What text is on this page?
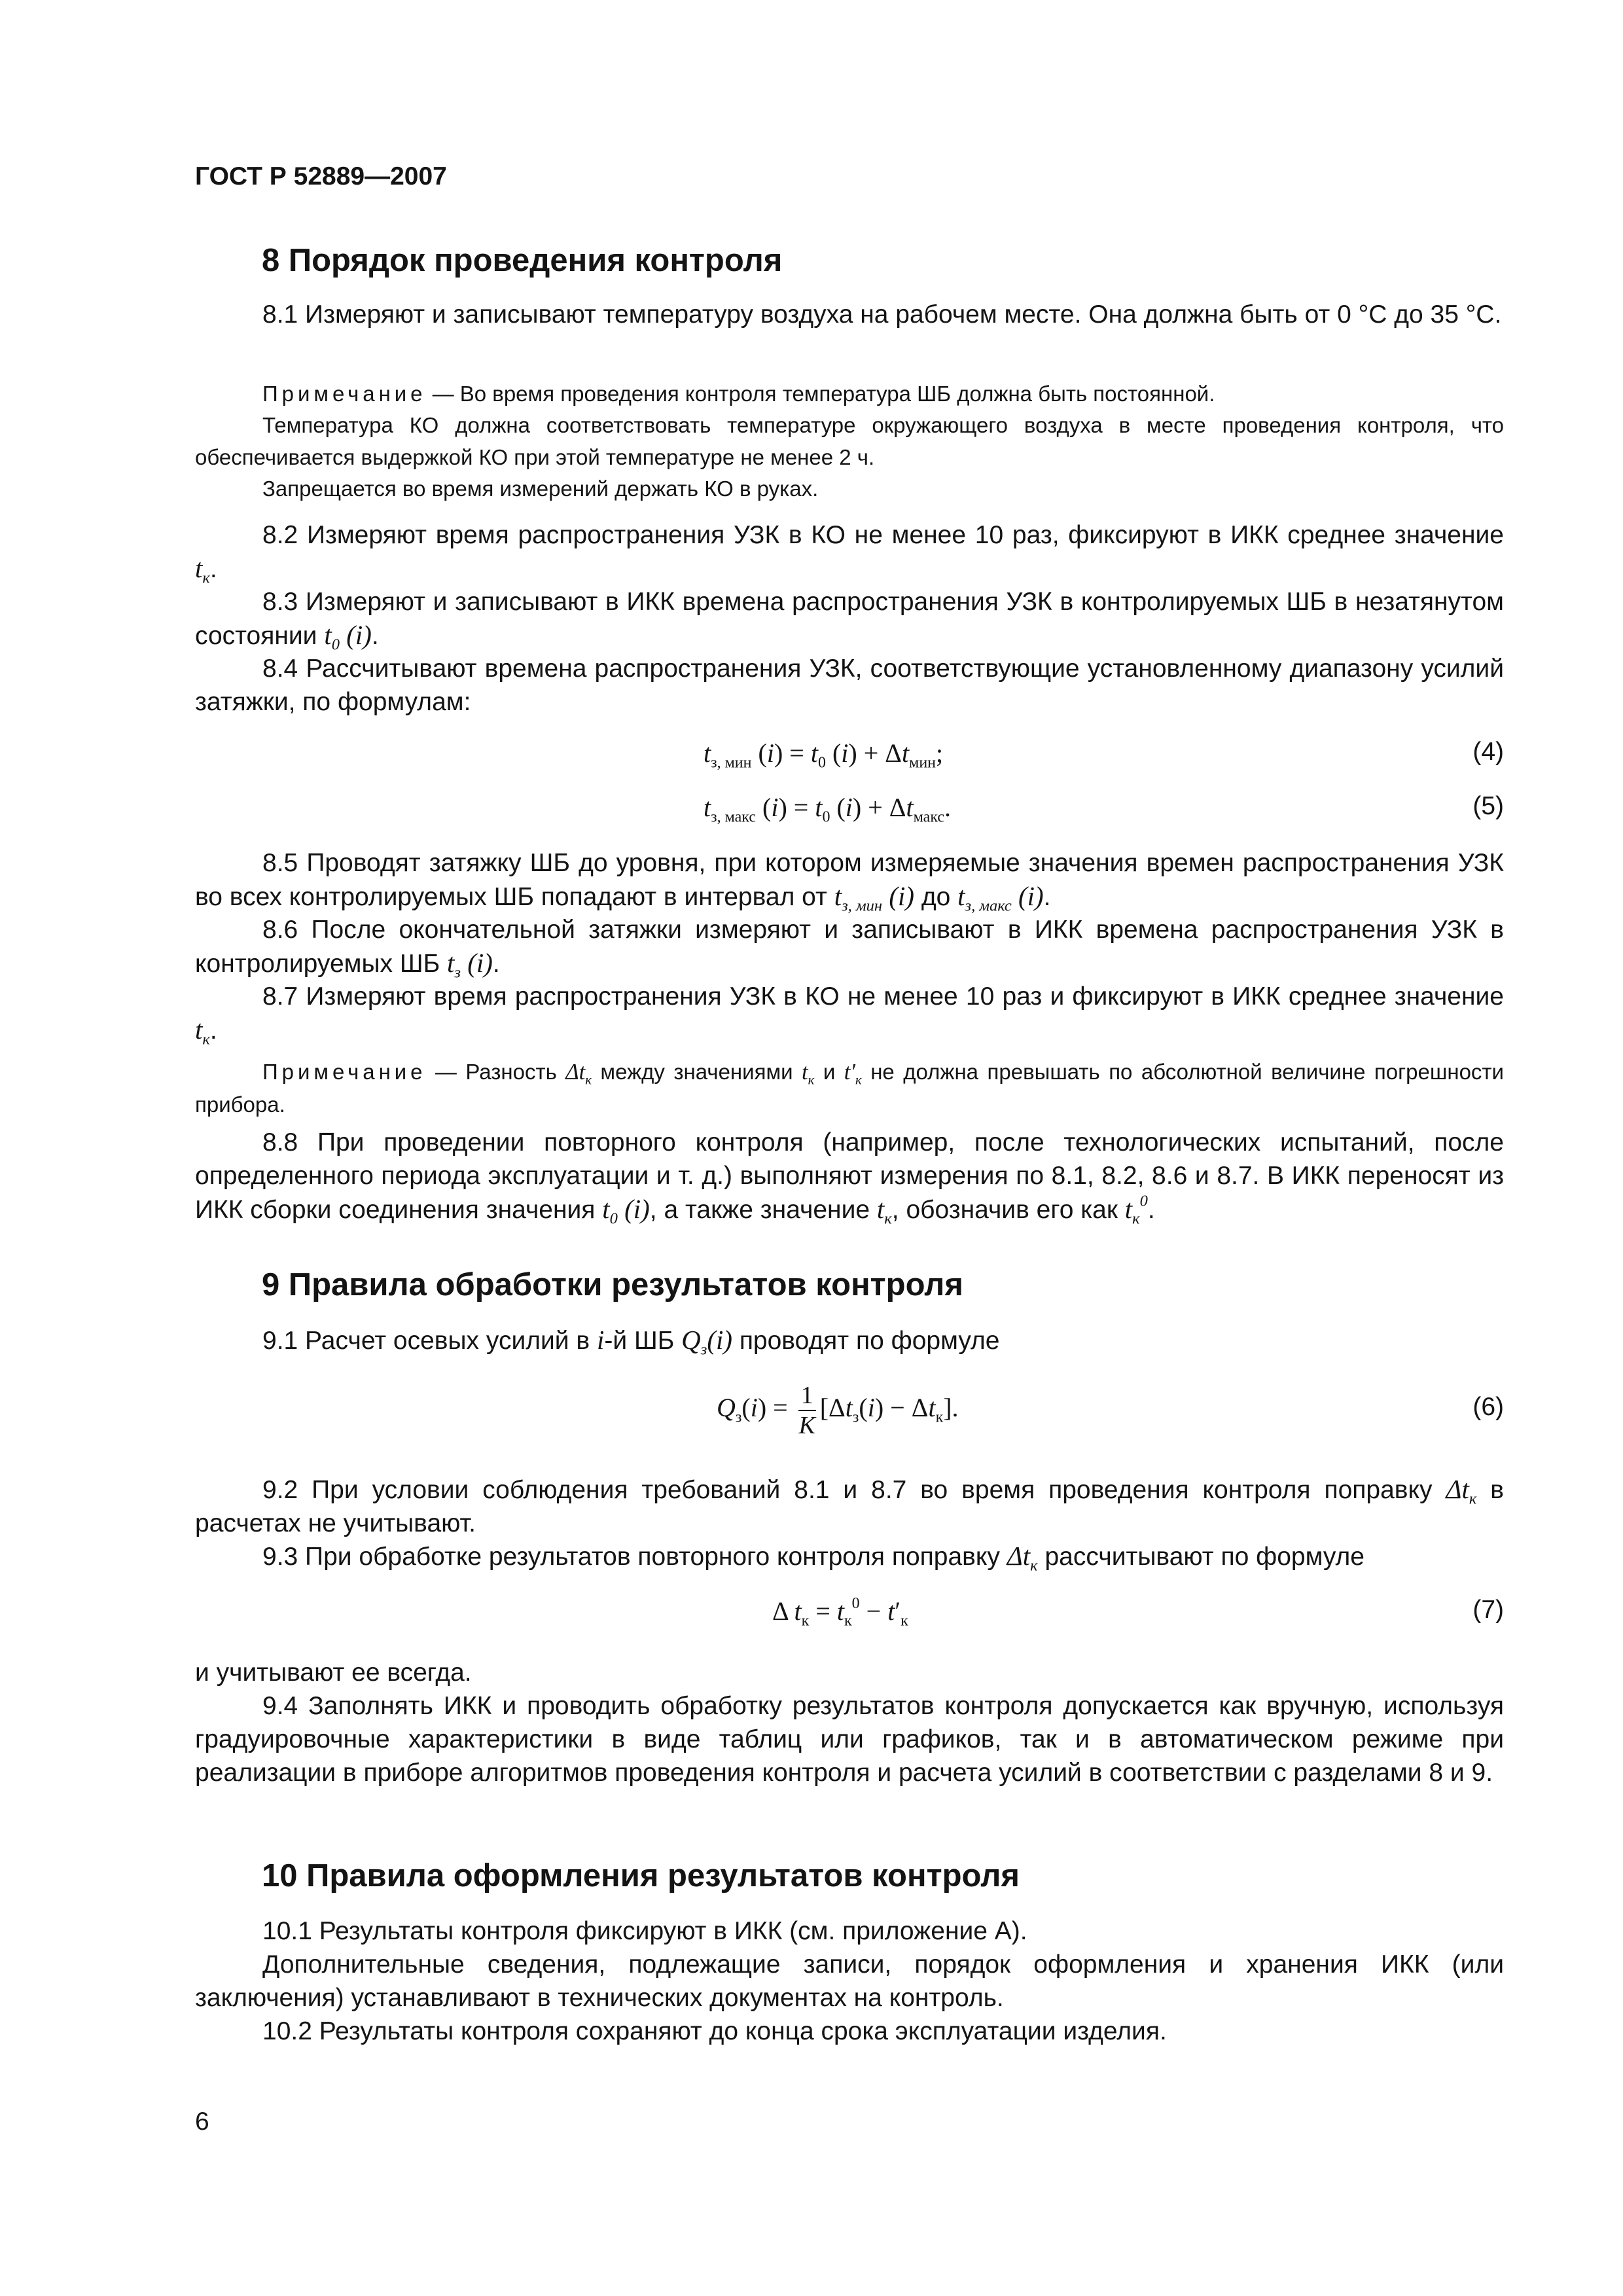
ГОСТ Р 52889—2007
8 Порядок проведения контроля
8.1 Измеряют и записывают температуру воздуха на рабочем месте. Она должна быть от 0 °С до 35 °С.
Примечание — Во время проведения контроля температура ШБ должна быть постоянной.
Температура КО должна соответствовать температуре окружающего воздуха в месте проведения контроля, что обеспечивается выдержкой КО при этой температуре не менее 2 ч.
Запрещается во время измерений держать КО в руках.
8.2 Измеряют время распространения УЗК в КО не менее 10 раз, фиксируют в ИКК среднее значение $t_к$.
8.3 Измеряют и записывают в ИКК времена распространения УЗК в контролируемых ШБ в незатянутом состоянии $t_0$ (i).
8.4 Рассчитывают времена распространения УЗК, соответствующие установленному диапазону усилий затяжки, по формулам:
$t_{з, мин}$ $(i) = t_0$ $(i) + \Delta t_{мин}$;	(4)
$t_{з, макс}$ $(i) = t_0$ $(i) + \Delta t_{макс}$.	(5)
8.5 Проводят затяжку ШБ до уровня, при котором измеряемые значения времен распространения УЗК во всех контролируемых ШБ попадают в интервал от $t_{з, мин}$ (i) до $t_{з, макс}$ (i).
8.6 После окончательной затяжки измеряют и записывают в ИКК времена распространения УЗК в контролируемых ШБ $t_з$ (i).
8.7 Измеряют время распространения УЗК в КО не менее 10 раз и фиксируют в ИКК среднее значение $t_к$.
Примечание — Разность $\Delta t_к$ между значениями $t_к$ и $t'_к$ не должна превышать по абсолютной величине погрешности прибора.
8.8 При проведении повторного контроля (например, после технологических испытаний, после определенного периода эксплуатации и т. д.) выполняют измерения по 8.1, 8.2, 8.6 и 8.7. В ИКК переносят из ИКК сборки соединения значения $t_0$ (i), а также значение $t_к$, обозначив его как $t_к^0$.
9 Правила обработки результатов контроля
9.1 Расчет осевых усилий в i-й ШБ $Q_з(i)$ проводят по формуле
$Q_з(i) = \frac{1}{K} [\Delta t_з(i) - \Delta t_к]$.	(6)
9.2 При условии соблюдения требований 8.1 и 8.7 во время проведения контроля поправку $\Delta t_к$ в расчетах не учитывают.
9.3 При обработке результатов повторного контроля поправку $\Delta t_к$ рассчитывают по формуле
Δ $t_к = t_к^0 - t'_к$	(7)
и учитывают ее всегда.
9.4 Заполнять ИКК и проводить обработку результатов контроля допускается как вручную, используя градуировочные характеристики в виде таблиц или графиков, так и в автоматическом режиме при реализации в приборе алгоритмов проведения контроля и расчета усилий в соответствии с разделами 8 и 9.
10 Правила оформления результатов контроля
10.1 Результаты контроля фиксируют в ИКК (см. приложение А).
Дополнительные сведения, подлежащие записи, порядок оформления и хранения ИКК (или заключения) устанавливают в технических документах на контроль.
10.2 Результаты контроля сохраняют до конца срока эксплуатации изделия.
6
